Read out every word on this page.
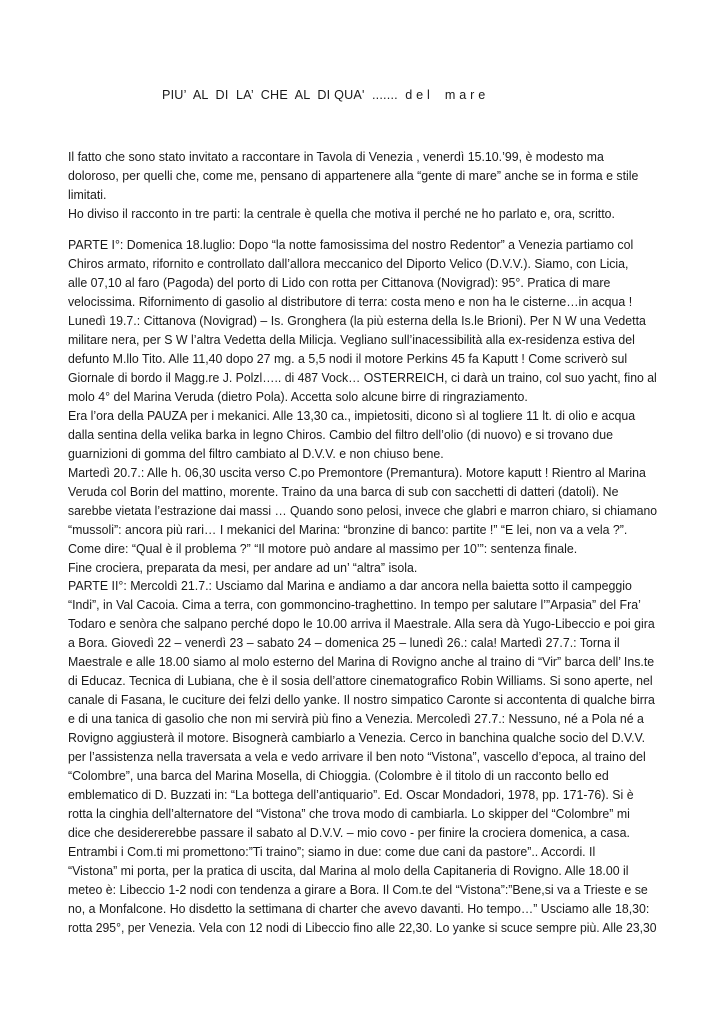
PIU’  AL  DI  LA’  CHE  AL  DI QUA'  .......  d e l    m a r e
Il fatto che sono stato invitato a raccontare in Tavola di Venezia , venerdì 15.10.’99, è modesto ma
doloroso, per quelli che, come me, pensano di appartenere alla “gente di mare” anche se in forma e stile
limitati.
Ho diviso il racconto in tre parti: la centrale è quella che motiva il perché ne ho parlato e, ora, scritto.
PARTE I°: Domenica 18.luglio: Dopo “la notte famosissima del nostro Redentor” a Venezia partiamo col
Chiros armato, rifornito e controllato dall’allora meccanico del Diporto Velico (D.V.V.). Siamo, con Licia,
alle 07,10 al faro (Pagoda) del porto di Lido con rotta per Cittanova (Novigrad): 95°. Pratica di mare
velocissima. Rifornimento di gasolio al distributore di terra: costa meno e non ha le cisterne…in acqua !
Lunedì 19.7.: Cittanova (Novigrad) – Is. Gronghera (la più esterna della Is.le Brioni). Per N W una Vedetta
militare nera, per S W l’altra Vedetta della Milicja. Vegliano sull’inacessibilità alla ex-residenza estiva del
defunto M.llo Tito. Alle 11,40 dopo 27 mg. a 5,5 nodi il motore Perkins 45 fa Kaputt ! Come scriverò sul
Giornale di bordo il Magg.re J. Polzl….. di 487 Vock… OSTERREICH, ci darà un traino, col suo yacht, fino al
molo 4° del Marina Veruda (dietro Pola). Accetta solo alcune birre di ringraziamento.
Era l’ora della PAUZA per i mekanici. Alle 13,30 ca., impietositi, dicono sì al togliere 11 lt. di olio e acqua
dalla sentina della velika barka in legno Chiros. Cambio del filtro dell’olio (di nuovo) e si trovano due
guarnizioni di gomma del filtro cambiato al D.V.V. e non chiuso bene.
Martedì 20.7.: Alle h. 06,30 uscita verso C.po Premontore (Premantura). Motore kaputt ! Rientro al Marina
Veruda col Borin del mattino, morente. Traino da una barca di sub con sacchetti di datteri (datoli). Ne
sarebbe vietata l’estrazione dai massi … Quando sono pelosi, invece che glabri e marron chiaro, si chiamano
“mussoli”: ancora più rari… I mekanici del Marina: “bronzine di banco: partite !” “E lei, non va a vela ?”.
Come dire: “Qual è il problema ?” “Il motore può andare al massimo per 10’”: sentenza finale.
Fine crociera, preparata da mesi, per andare ad un’ “altra” isola.
PARTE II°: Mercoldì 21.7.: Usciamo dal Marina e andiamo a dar ancora nella baietta sotto il campeggio
“Indi”, in Val Cacoia. Cima a terra, con gommoncino-traghettino. In tempo per salutare l’”Arpasia” del Fra’
Todaro e senòra che salpano perché dopo le 10.00 arriva il Maestrale. Alla sera dà Yugo-Libeccio e poi gira
a Bora. Giovedì 22 – venerdì 23 – sabato 24 – domenica 25 – lunedì 26.: cala! Martedì 27.7.: Torna il
Maestrale e alle 18.00 siamo al molo esterno del Marina di Rovigno anche al traino di “Vir” barca dell’ Ins.te
di Educaz. Tecnica di Lubiana, che è il sosia dell’attore cinematografico Robin Williams. Si sono aperte, nel
canale di Fasana, le cuciture dei felzi dello yanke. Il nostro simpatico Caronte si accontenta di qualche birra
e di una tanica di gasolio che non mi servirà più fino a Venezia. Mercoledì 27.7.: Nessuno, né a Pola né a
Rovigno aggiusterà il motore. Bisognerà cambiarlo a Venezia. Cerco in banchina qualche socio del D.V.V.
per l’assistenza nella traversata a vela e vedo arrivare il ben noto “Vistona”, vascello d’epoca, al traino del
“Colombre”, una barca del Marina Mosella, di Chioggia. (Colombre è il titolo di un racconto bello ed
emblematico di D. Buzzati in: “La bottega dell’antiquario”. Ed. Oscar Mondadori, 1978, pp. 171-76). Si è
rotta la cinghia dell’alternatore del “Vistona” che trova modo di cambiarla. Lo skipper del “Colombre” mi
dice che desidererebbe passare il sabato al D.V.V. – mio covo - per finire la crociera domenica, a casa.
Entrambi i Com.ti mi promettono:”Ti traino”; siamo in due: come due cani da pastore”.. Accordi. Il
“Vistona” mi porta, per la pratica di uscita, dal Marina al molo della Capitaneria di Rovigno. Alle 18.00 il
meteo è: Libeccio 1-2 nodi con tendenza a girare a Bora. Il Com.te del “Vistona”:”Bene,si va a Trieste e se
no, a Monfalcone. Ho disdetto la settimana di charter che avevo davanti. Ho tempo…” Usciamo alle 18,30:
rotta 295°, per Venezia. Vela con 12 nodi di Libeccio fino alle 22,30. Lo yanke si scuce sempre più. Alle 23,30
